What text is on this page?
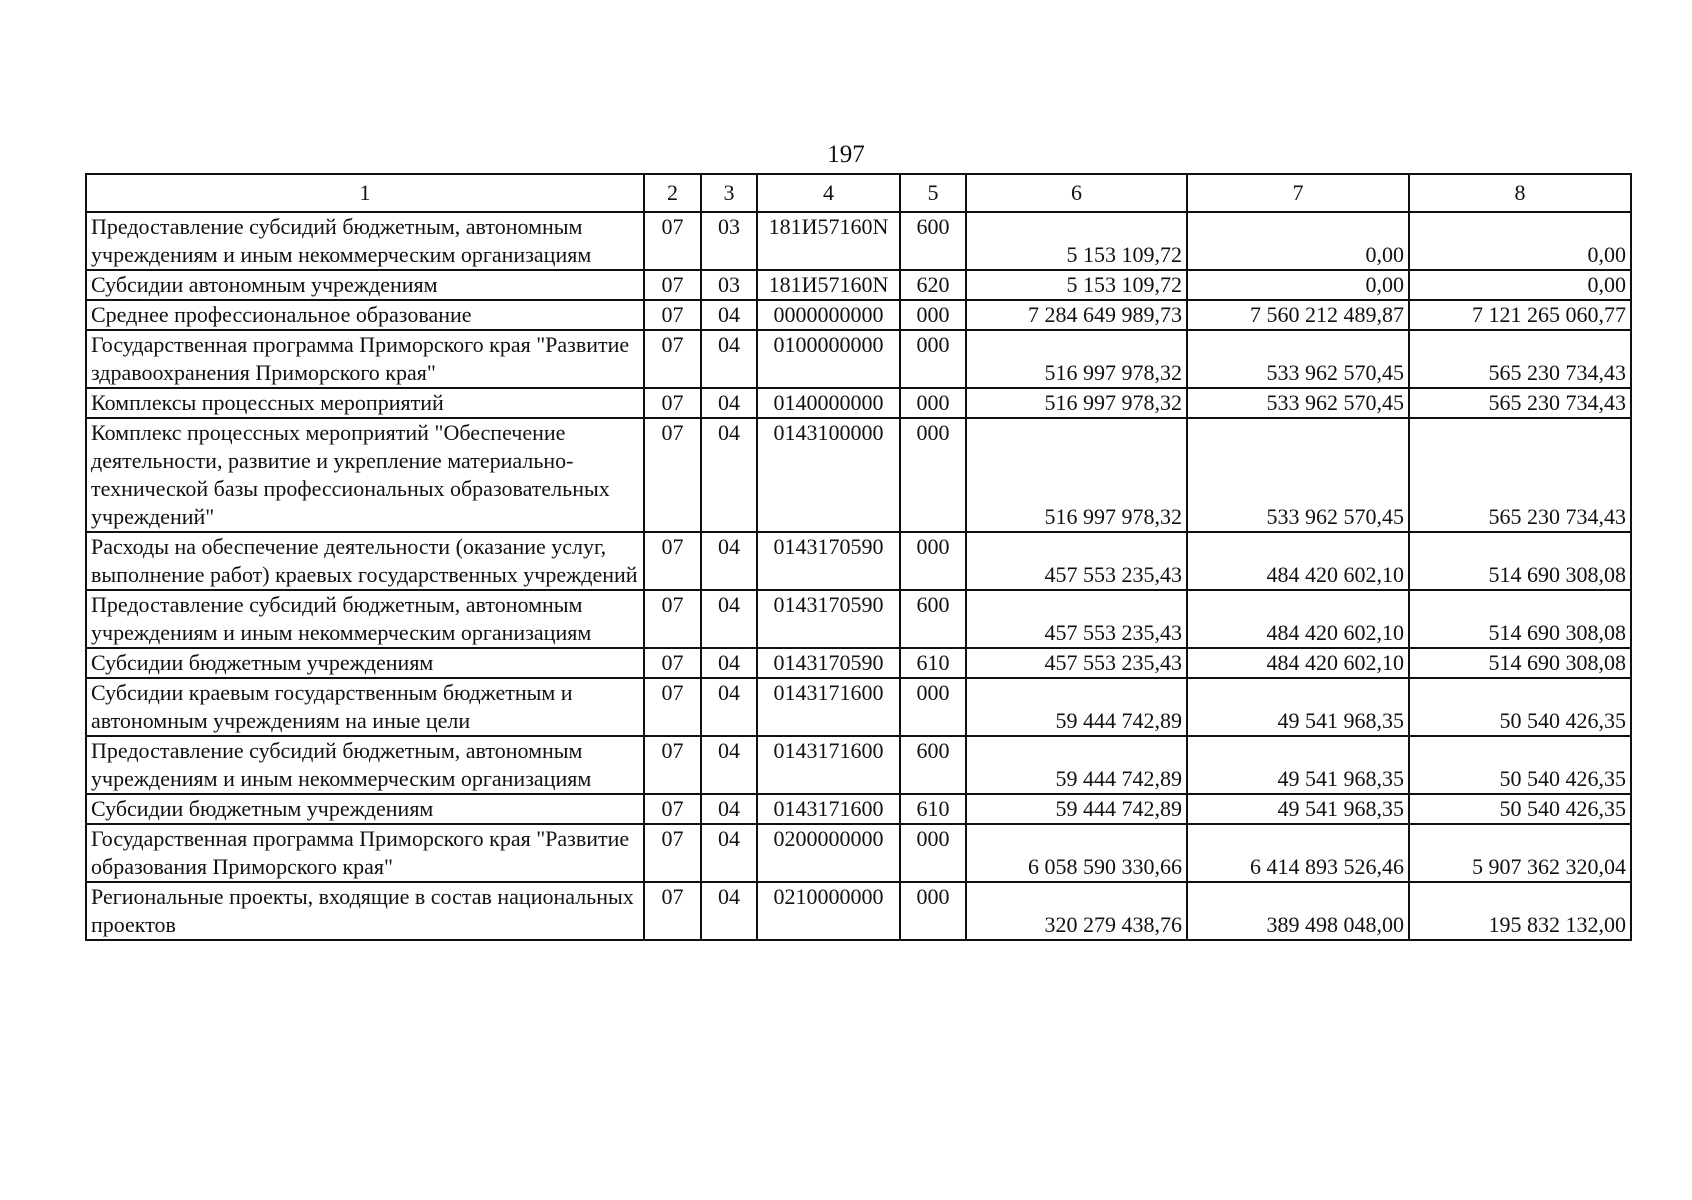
197
1	2	3	4	5	6	7	8
Предоставление субсидий бюджетным, автономным учреждениям и иным некоммерческим организациям	07	03	181И57160N	600	5 153 109,72	0,00	0,00
Субсидии автономным учреждениям	07	03	181И57160N	620	5 153 109,72	0,00	0,00
Среднее профессиональное образование	07	04	0000000000	000	7 284 649 989,73	7 560 212 489,87	7 121 265 060,77
Государственная программа Приморского края "Развитие здравоохранения Приморского края"	07	04	0100000000	000	516 997 978,32	533 962 570,45	565 230 734,43
Комплексы процессных мероприятий	07	04	0140000000	000	516 997 978,32	533 962 570,45	565 230 734,43
Комплекс процессных мероприятий "Обеспечение деятельности, развитие и укрепление материально-технической базы профессиональных образовательных учреждений"	07	04	0143100000	000	516 997 978,32	533 962 570,45	565 230 734,43
Расходы на обеспечение деятельности (оказание услуг, выполнение работ) краевых государственных учреждений	07	04	0143170590	000	457 553 235,43	484 420 602,10	514 690 308,08
Предоставление субсидий бюджетным, автономным учреждениям и иным некоммерческим организациям	07	04	0143170590	600	457 553 235,43	484 420 602,10	514 690 308,08
Субсидии бюджетным учреждениям	07	04	0143170590	610	457 553 235,43	484 420 602,10	514 690 308,08
Субсидии краевым государственным бюджетным и автономным учреждениям на иные цели	07	04	0143171600	000	59 444 742,89	49 541 968,35	50 540 426,35
Предоставление субсидий бюджетным, автономным учреждениям и иным некоммерческим организациям	07	04	0143171600	600	59 444 742,89	49 541 968,35	50 540 426,35
Субсидии бюджетным учреждениям	07	04	0143171600	610	59 444 742,89	49 541 968,35	50 540 426,35
Государственная программа Приморского края "Развитие образования Приморского края"	07	04	0200000000	000	6 058 590 330,66	6 414 893 526,46	5 907 362 320,04
Региональные проекты, входящие в состав национальных проектов	07	04	0210000000	000	320 279 438,76	389 498 048,00	195 832 132,00
